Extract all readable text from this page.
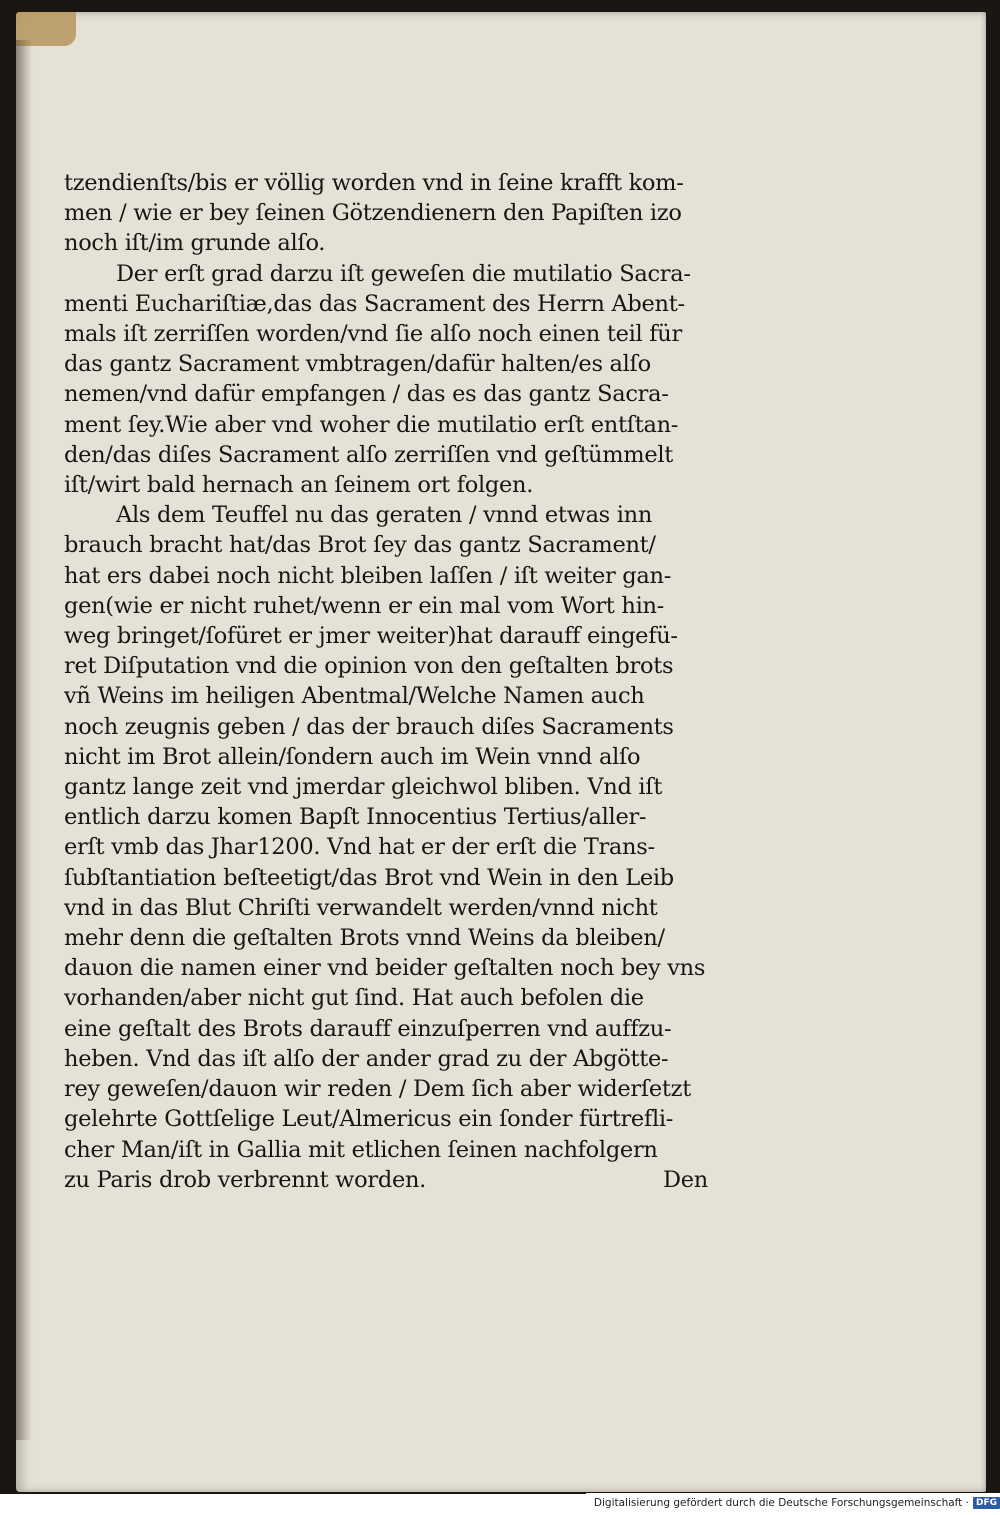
tzendienſts/bis er völlig worden vnd in ſeine krafft kom-
men / wie er bey ſeinen Götzendienern den Papiſten izo
noch iſt/im grunde alſo.
Der erſt grad darzu iſt geweſen die mutilatio Sacra-
menti Euchariſtiæ,das das Sacrament des Herrn Abent-
mals iſt zerriſſen worden/vnd ſie alſo noch einen teil für
das gantz Sacrament vmbtragen/dafür halten/es alſo
nemen/vnd dafür empfangen / das es das gantz Sacra-
ment ſey.Wie aber vnd woher die mutilatio erſt entſtan-
den/das diſes Sacrament alſo zerriſſen vnd geſtümmelt
iſt/wirt bald hernach an ſeinem ort folgen.
Als dem Teuffel nu das geraten / vnnd etwas inn
brauch bracht hat/das Brot ſey das gantz Sacrament/
hat ers dabei noch nicht bleiben laſſen / iſt weiter gan-
gen(wie er nicht ruhet/wenn er ein mal vom Wort hin-
weg bringet/ſofüret er jmer weiter)hat darauff eingefü-
ret Diſputation vnd die opinion von den geſtalten brots
vñ Weins im heiligen Abentmal/Welche Namen auch
noch zeugnis geben / das der brauch diſes Sacraments
nicht im Brot allein/ſondern auch im Wein vnnd alſo
gantz lange zeit vnd jmerdar gleichwol bliben. Vnd iſt
entlich darzu komen Bapſt Innocentius Tertius/aller-
erſt vmb das Jhar1200. Vnd hat er der erſt die Trans-
ſubſtantiation beſteetigt/das Brot vnd Wein in den Leib
vnd in das Blut Chriſti verwandelt werden/vnnd nicht
mehr denn die geſtalten Brots vnnd Weins da bleiben/
dauon die namen einer vnd beider geſtalten noch bey vns
vorhanden/aber nicht gut ſind. Hat auch befolen die
eine geſtalt des Brots darauff einzuſperren vnd auffzu-
heben. Vnd das iſt alſo der ander grad zu der Abgötte-
rey geweſen/dauon wir reden / Dem ſich aber widerſetzt
gelehrte Gottſelige Leut/Almericus ein ſonder fürtrefli-
cher Man/iſt in Gallia mit etlichen ſeinen nachfolgern
zu Paris drob verbrennt worden.	Den
Digitalisierung gefördert durch die Deutsche Forschungsgemeinschaft · DFG
